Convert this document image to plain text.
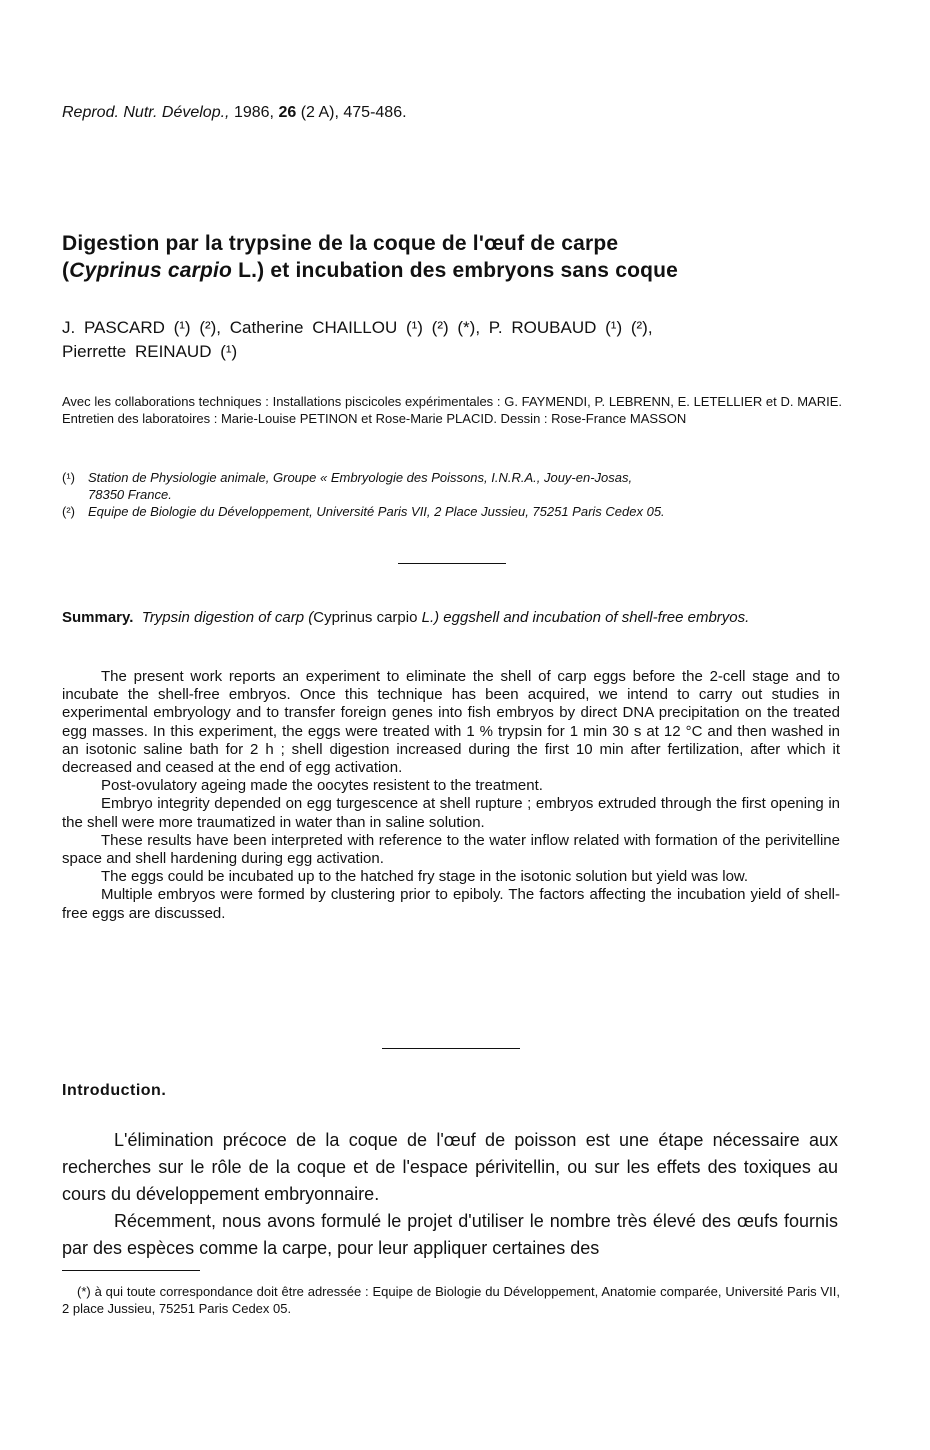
Reprod. Nutr. Dévelop., 1986, 26 (2 A), 475-486.
Digestion par la trypsine de la coque de l'œuf de carpe
(Cyprinus carpio L.) et incubation des embryons sans coque
J. PASCARD (¹) (²), Catherine CHAILLOU (¹) (²) (*), P. ROUBAUD (¹) (²),
Pierrette REINAUD (¹)
Avec les collaborations techniques : Installations piscicoles expérimentales : G. FAYMENDI, P. LEBRENN, E. LETELLIER et D. MARIE. Entretien des laboratoires : Marie-Louise PETINON et Rose-Marie PLACID. Dessin : Rose-France MASSON
(¹) Station de Physiologie animale, Groupe « Embryologie des Poissons, I.N.R.A., Jouy-en-Josas,
78350 France.
(²) Equipe de Biologie du Développement, Université Paris VII, 2 Place Jussieu, 75251 Paris Cedex 05.
Summary. Trypsin digestion of carp (Cyprinus carpio L.) eggshell and incubation of shell-free embryos.

The present work reports an experiment to eliminate the shell of carp eggs before the 2-cell stage and to incubate the shell-free embryos. Once this technique has been acquired, we intend to carry out studies in experimental embryology and to transfer foreign genes into fish embryos by direct DNA precipitation on the treated egg masses. In this experiment, the eggs were treated with 1 % trypsin for 1 min 30 s at 12 °C and then washed in an isotonic saline bath for 2 h ; shell digestion increased during the first 10 min after fertilization, after which it decreased and ceased at the end of egg activation.

Post-ovulatory ageing made the oocytes resistent to the treatment.

Embryo integrity depended on egg turgescence at shell rupture ; embryos extruded through the first opening in the shell were more traumatized in water than in saline solution.

These results have been interpreted with reference to the water inflow related with formation of the perivitelline space and shell hardening during egg activation.

The eggs could be incubated up to the hatched fry stage in the isotonic solution but yield was low.

Multiple embryos were formed by clustering prior to epiboly. The factors affecting the incubation yield of shell-free eggs are discussed.

Introduction.

L'élimination précoce de la coque de l'œuf de poisson est une étape nécessaire aux recherches sur le rôle de la coque et de l'espace périvitellin, ou sur les effets des toxiques au cours du développement embryonnaire.

Récemment, nous avons formulé le projet d'utiliser le nombre très élevé des œufs fournis par des espèces comme la carpe, pour leur appliquer certaines des

(*) à qui toute correspondance doit être adressée : Equipe de Biologie du Développement, Anatomie comparée, Université Paris VII, 2 place Jussieu, 75251 Paris Cedex 05.
